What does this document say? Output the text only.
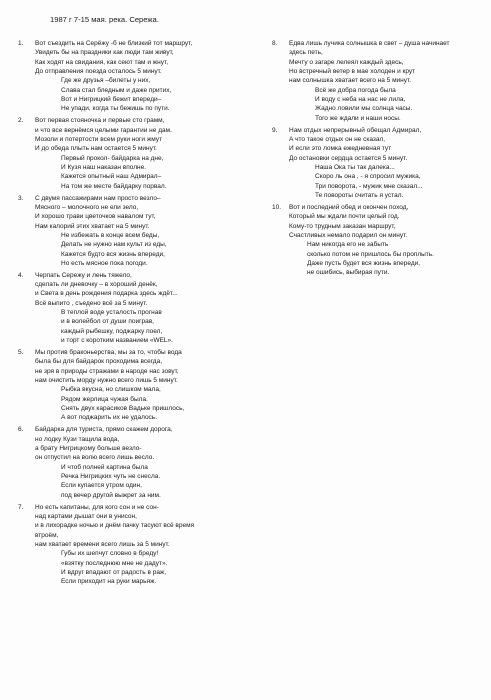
1987 г 7-15 мая. река. Сережа.
1.	Вот съездить на Серёжу -б не близкий тот маршрут,
Увидеть бы на праздники как люди там живут,
Как ходят на свидания, как сеют там и жнут,
До отправления поезда осталось 5 минут.
Где же друзья –билеты у них,
Слава стал бледным и даже притих,
Вот и Нигрицкий бежит впереди–
Не упади, когда ты бежишь по пути.
2.	Вот первая стояночка и первые сто грамм,
и что все вернёмся целыми гарантии не дам.
Мозоли и потертости всем руки ноги жмут
И до обеда плыть нам остается 5 минут.
Первый прокол- байдарка на дне,
И Кузя наш наказан вполне.
Кажется опытный наш Адмирал–
На том же месте байдарку порвал.
3.	С двумя пассажирами нам просто везло–
Мясного – молочного не ели зело,
И хорошо трави цветочков навалом тут,
Нам калорий этих хватает на 5 минут.
Не избежать в конце всем беды,
Делать не нужно нам культ из еды,
Кажется будто вся жизнь впереди,
Но есть мясное пока погоди.
4.	Черпать Сережу и лень тяжело,
сделать ли дневочку – в хороший денёк,
и Света в день рождения подарка здесь ждёт...
Всё выпито , съедено всё за 5 минут.
В теплой воде усталость прогнав
и в волейбол от души поиграв,
каждый рыбешку, поджарку поел,
и торт с коротким названием «WEL».
5.	Мы против браконьерства, мы за то, чтобы вода
была бы для байдарок проходима всегда,
не зря в природы стражами в народе нас зовут,
нам очистить морду нужно всего лишь 5 минут.
Рыбка вкусна, но слишком мала,
Рядом жерлица чужая была.
Снять двух карасиков Вадьке пришлось,
А вот поджарить их не удалось.
6.	Байдарка для туриста, прямо скажем дорога,
но лодку Кузи тащила вода,
а брату Нигрицкому больше везло-
он отпустил на волю всего лишь весло.
И чтоб полней картина была
Речка Нигрицких чуть не снесла.
Если купается утром один,
под вечер другой выжрет за ним.
7.	Но есть капитаны, для кого сон и не сон-
над картами дышат они в унисон,
и в лихорадке ночью и днём пачку тасуют всё время
втроём,
нам хватает времени всего лишь за 5 минут.
Губы их шепчут словно в бреду!
«взятку последнюю мне не дадут».
И вдруг впадают от радость в раж,
Если приходит на руки марьяж.
8.	Едва лишь лучика солнышка в свет – душа начинает
здесь петь,
Мечту о загаре лелеял каждый здесь,
Но встречный ветер в мае холоден и крут
нам солнышка хватает всего на 5 минут.
Всё же добра погода была
И воду с неба на нас не лила,
Жадно ловили мы солнца часы.
Того же ждали и наши носы.
9.	Нам отдых непрерывный обещал Адмирал,
А что такое отдых он не сказал,
И если это ломка ежедневная тут
До остановки сердца остается 5 минут.
Наша Ока ты так далека...
Скоро ль она , - я спросил мужика,
Три поворота, - мужик мне сказал...
Те повороты считать я устал.
10.	Вот и последний обед и окончен поход,
Который мы ждали почти целый год.
Кому-то трудным заказан маршрут,
Счастливых немало подарил он минут.
Нам никогда его не забыть
сколько потом не пришлось бы проплыть.
Даже пусть будет вся жизнь впереди,
не ошибись, выбирая пути.
